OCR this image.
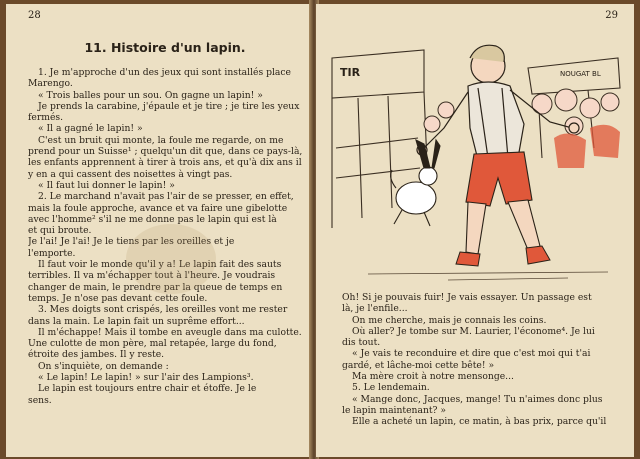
28
11. Histoire d'un lapin.
1. Je m'approche d'un des jeux qui sont installés place
Marengo.
« Trois balles pour un sou. On gagne un lapin! »
Je prends la carabine, j'épaule et je tire ; je tire les yeux
fermés.
« Il a gagné le lapin! »
C'est un bruit qui monte, la foule me regarde, on me
prend pour un Suisse¹ ; quelqu'un dit que, dans ce pays-là,
les enfants apprennent à tirer à trois ans, et qu'à dix ans il
y en a qui cassent des noisettes à vingt pas.
« Il faut lui donner le lapin! »
2. Le marchand n'avait pas l'air de se presser, en effet,
mais la foule approche, avance et va faire une gibelotte
avec l'homme² s'il ne me donne pas le lapin qui est là
et qui broute.
Je l'ai! Je l'ai! Je le tiens par les oreilles et je
l'emporte.
Il faut voir le monde qu'il y a! Le lapin fait des sauts
terribles. Il va m'échapper tout à l'heure. Je voudrais
changer de main, le prendre par la queue de temps en
temps. Je n'ose pas devant cette foule.
3. Mes doigts sont crispés, les oreilles vont me rester
dans la main. Le lapin fait un suprême effort...
Il m'échappe! Mais il tombe en aveugle dans ma culotte.
Une culotte de mon père, mal retapée, large du fond,
étroite des jambes. Il y reste.
On s'inquiète, on demande :
« Le lapin! Le lapin! » sur l'air des Lampions³.
Le lapin est toujours entre chair et étoffe. Je le
sens.
29
TIR	NOUGAT BL
Oh! Si je pouvais fuir! Je vais essayer. Un passage est
là, je l'enfile...
On me cherche, mais je connais les coins.
Où aller? Je tombe sur M. Laurier, l'économe⁴. Je lui
dis tout.
« Je vais te reconduire et dire que c'est moi qui t'ai
gardé, et lâche-moi cette bête! »
Ma mère croit à notre mensonge...
5. Le lendemain.
« Mange donc, Jacques, mange! Tu n'aimes donc plus
le lapin maintenant? »
Elle a acheté un lapin, ce matin, à bas prix, parce qu'il
